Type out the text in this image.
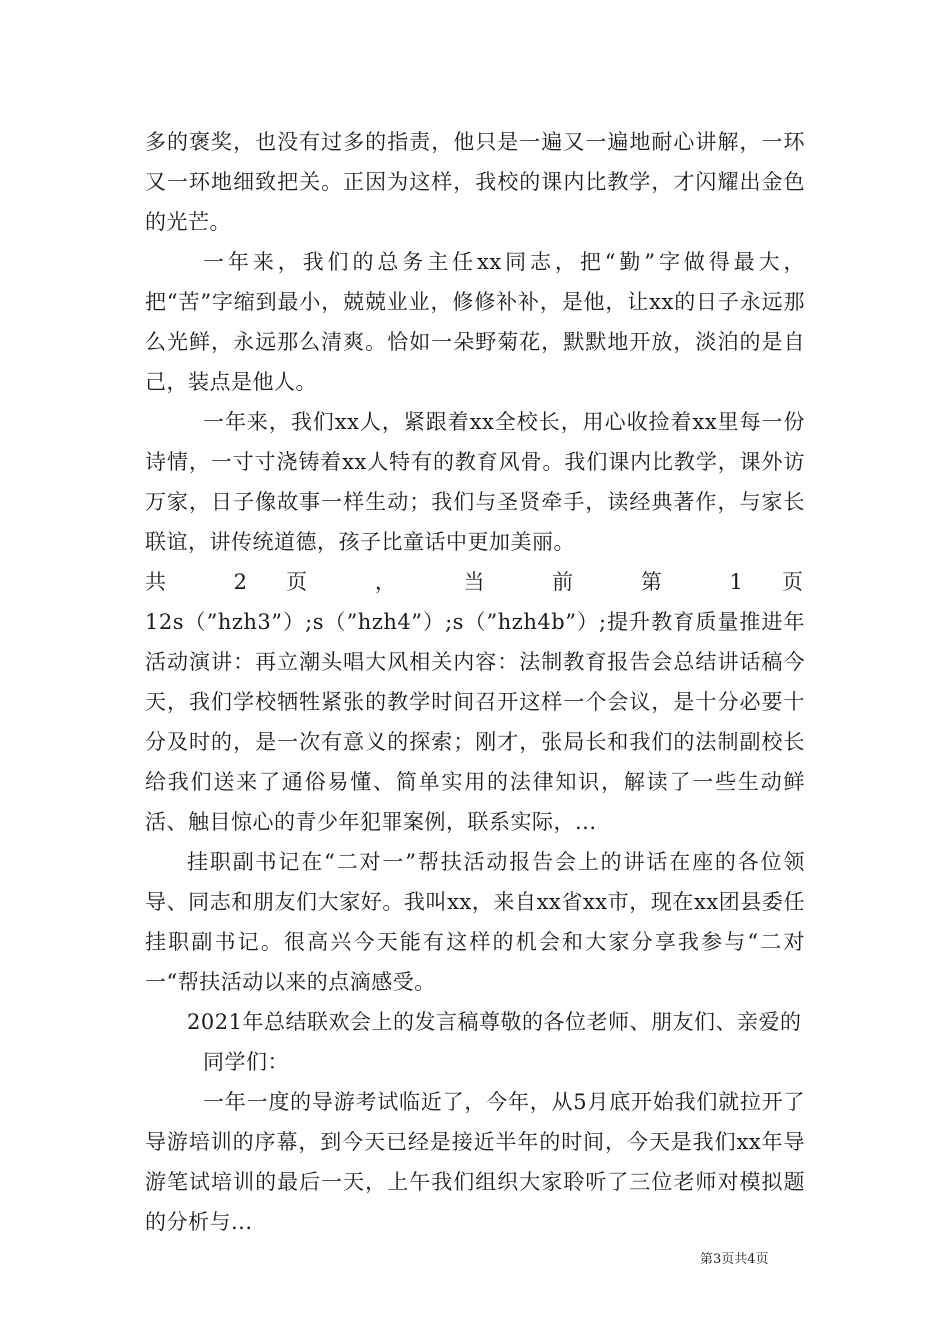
多的褒奖，也没有过多的指责，他只是一遍又一遍地耐心讲解，一环又一环地细致把关。正因为这样，我校的课内比教学，才闪耀出金色的光芒。

一年来，我们的总务主任xx同志，把“勤”字做得最大，把“苦”字缩到最小，兢兢业业，修修补补，是他，让xx的日子永远那么光鲜，永远那么清爽。恰如一朵野菊花，默默地开放，淡泊的是自己，装点是他人。

一年来，我们xx人，紧跟着xx全校长，用心收捡着xx里每一份诗情，一寸寸浇铸着xx人特有的教育风骨。我们课内比教学，课外访万家，日子像故事一样生动；我们与圣贤牵手，读经典著作，与家长联谊，讲传统道德，孩子比童话中更加美丽。

共 2 页 ， 当 前 第 1 页

12s（”hzh3”）;s（”hzh4”）;s（”hzh4b”）;提升教育质量推进年活动演讲：再立潮头唱大风相关内容：法制教育报告会总结讲话稿今天，我们学校牺牲紧张的教学时间召开这样一个会议，是十分必要十分及时的，是一次有意义的探索；刚才，张局长和我们的法制副校长给我们送来了通俗易懂、简单实用的法律知识，解读了一些生动鲜活、触目惊心的青少年犯罪案例，联系实际，...

挂职副书记在“二对一”帮扶活动报告会上的讲话在座的各位领导、同志和朋友们大家好。我叫xx，来自xx省xx市，现在xx团县委任挂职副书记。很高兴今天能有这样的机会和大家分享我参与“二对一“帮扶活动以来的点滴感受。

2021年总结联欢会上的发言稿尊敬的各位老师、朋友们、亲爱的

同学们：

一年一度的导游考试临近了，今年，从5月底开始我们就拉开了导游培训的序幕，到今天已经是接近半年的时间，今天是我们xx年导游笔试培训的最后一天，上午我们组织大家聆听了三位老师对模拟题的分析与...

第3页共4页
